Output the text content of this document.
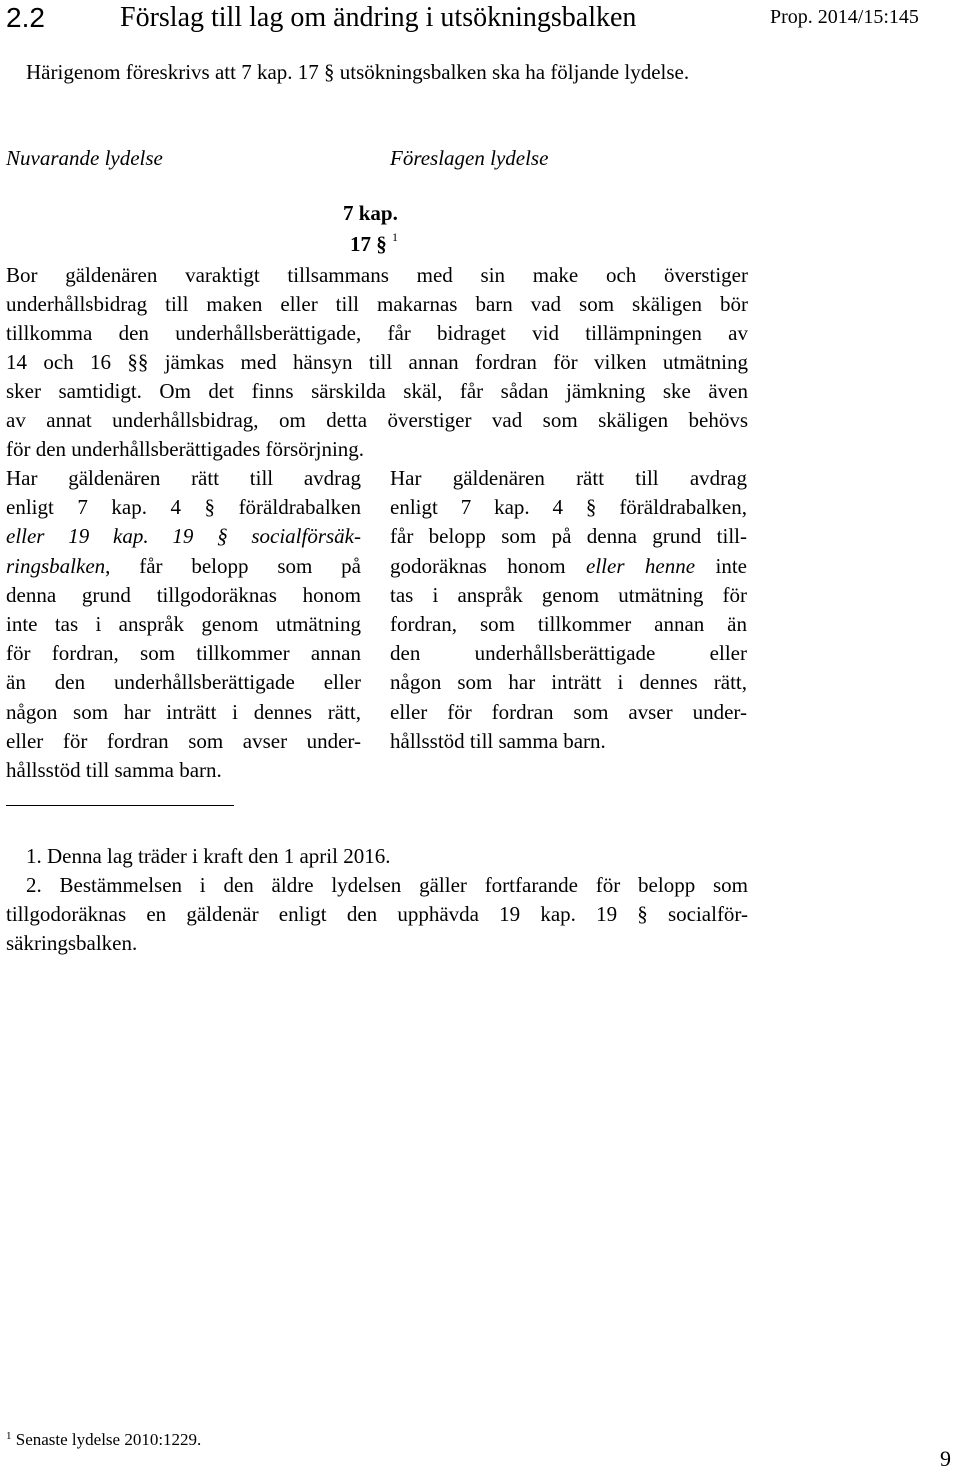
2.2	Förslag till lag om ändring i utsökningsbalken	Prop. 2014/15:145
Härigenom föreskrivs att 7 kap. 17 § utsökningsbalken ska ha följande lydelse.
Nuvarande lydelse	Föreslagen lydelse
7 kap.
17 § $^1$
Bor gäldenären varaktigt tillsammans med sin make och överstiger
underhållsbidrag till maken eller till makarnas barn vad som skäligen bör
tillkomma den underhållsberättigade, får bidraget vid tillämpningen av
14 och 16 §§ jämkas med hänsyn till annan fordran för vilken utmätning
sker samtidigt. Om det finns särskilda skäl, får sådan jämkning ske även
av annat underhållsbidrag, om detta överstiger vad som skäligen behövs
för den underhållsberättigades försörjning.
Har gäldenären rätt till avdrag
enligt 7 kap. 4 § föräldrabalken
eller 19 kap. 19 § socialförsäk-
ringsbalken, får belopp som på
denna grund tillgodoräknas honom
inte tas i anspråk genom utmätning
för fordran, som tillkommer annan
än den underhållsberättigade eller
någon som har inträtt i dennes rätt,
eller för fordran som avser under-
hållsstöd till samma barn.
Har gäldenären rätt till avdrag
enligt 7 kap. 4 § föräldrabalken,
får belopp som på denna grund till-
godoräknas honom eller henne inte
tas i anspråk genom utmätning för
fordran, som tillkommer annan än
den underhållsberättigade eller
någon som har inträtt i dennes rätt,
eller för fordran som avser under-
hållsstöd till samma barn.
1. Denna lag träder i kraft den 1 april 2016.
2. Bestämmelsen i den äldre lydelsen gäller fortfarande för belopp som
tillgodoräknas en gäldenär enligt den upphävda 19 kap. 19 § socialför-
säkringsbalken.
$^1$ Senaste lydelse 2010:1229.
9
